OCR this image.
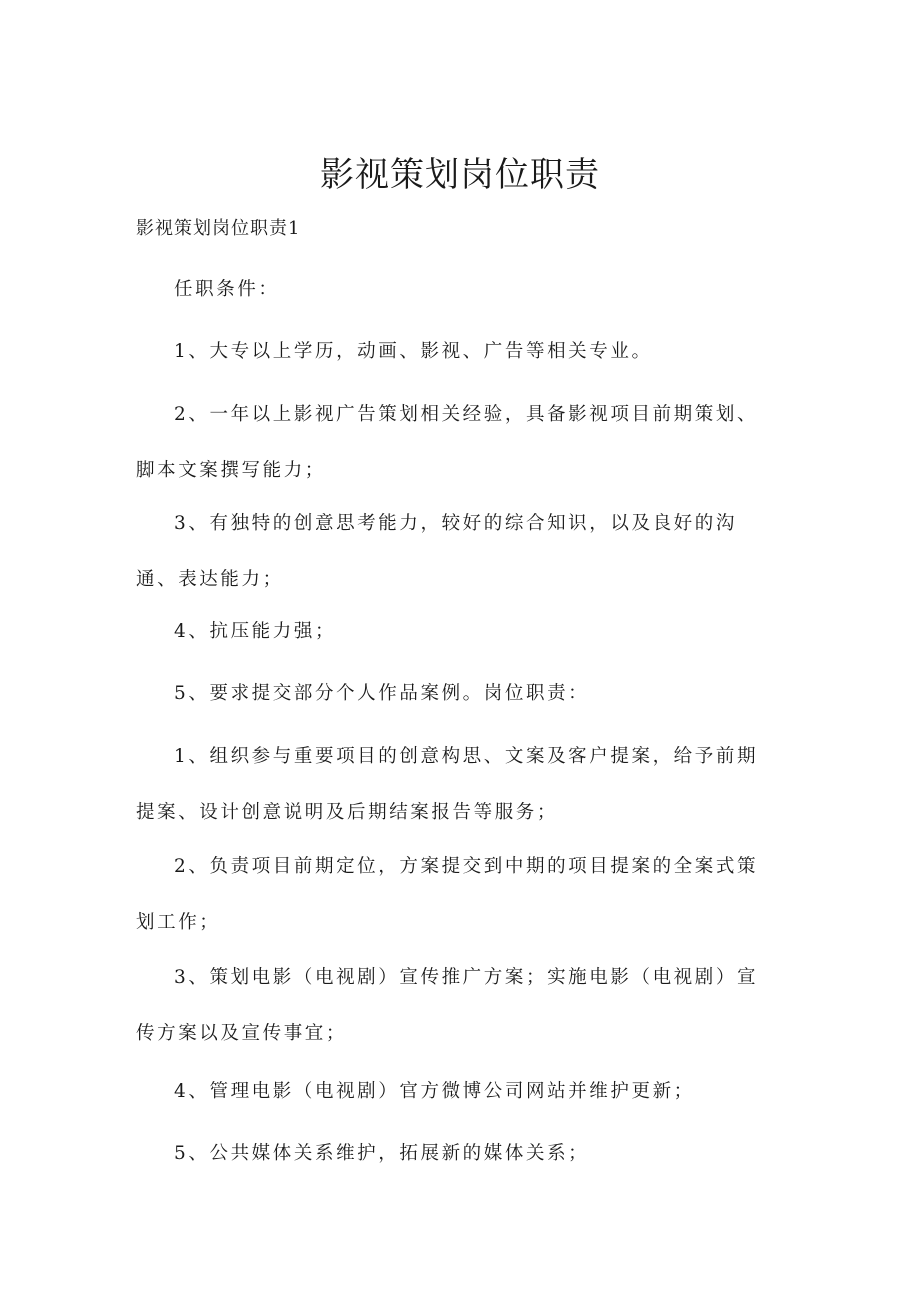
影视策划岗位职责
影视策划岗位职责1
任职条件：
1、大专以上学历，动画、影视、广告等相关专业。
2、一年以上影视广告策划相关经验，具备影视项目前期策划、脚本文案撰写能力；
3、有独特的创意思考能力，较好的综合知识，以及良好的沟通、表达能力；
4、抗压能力强；
5、要求提交部分个人作品案例。岗位职责：
1、组织参与重要项目的创意构思、文案及客户提案，给予前期提案、设计创意说明及后期结案报告等服务；
2、负责项目前期定位，方案提交到中期的项目提案的全案式策划工作；
3、策划电影（电视剧）宣传推广方案；实施电影（电视剧）宣传方案以及宣传事宜；
4、管理电影（电视剧）官方微博公司网站并维护更新；
5、公共媒体关系维护，拓展新的媒体关系；
